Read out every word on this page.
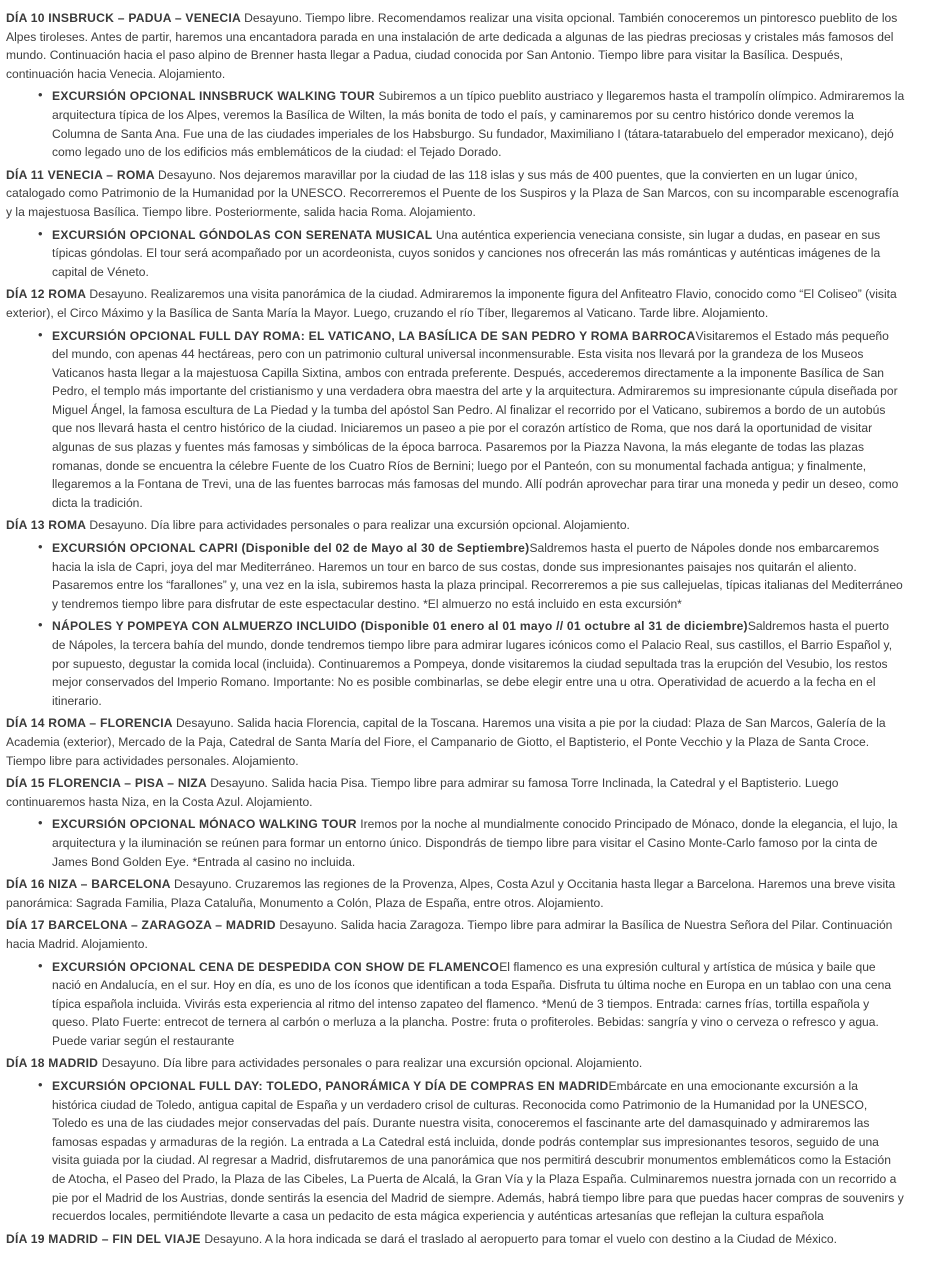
DÍA 10 INSBRUCK – PADUA – VENECIA Desayuno. Tiempo libre. Recomendamos realizar una visita opcional. También conoceremos un pintoresco pueblito de los Alpes tiroleses. Antes de partir, haremos una encantadora parada en una instalación de arte dedicada a algunas de las piedras preciosas y cristales más famosos del mundo. Continuación hacia el paso alpino de Brenner hasta llegar a Padua, ciudad conocida por San Antonio. Tiempo libre para visitar la Basílica. Después, continuación hacia Venecia. Alojamiento.

• EXCURSIÓN OPCIONAL INNSBRUCK WALKING TOUR Subiremos a un típico pueblito austriaco y llegaremos hasta el trampolín olímpico. Admiraremos la arquitectura típica de los Alpes, veremos la Basílica de Wilten, la más bonita de todo el país, y caminaremos por su centro histórico donde veremos la Columna de Santa Ana. Fue una de las ciudades imperiales de los Habsburgo. Su fundador, Maximiliano I (tátara-tatarabuelo del emperador mexicano), dejó como legado uno de los edificios más emblemáticos de la ciudad: el Tejado Dorado.

DÍA 11 VENECIA – ROMA Desayuno. Nos dejaremos maravillar por la ciudad de las 118 islas y sus más de 400 puentes, que la convierten en un lugar único, catalogado como Patrimonio de la Humanidad por la UNESCO. Recorreremos el Puente de los Suspiros y la Plaza de San Marcos, con su incomparable escenografía y la majestuosa Basílica. Tiempo libre. Posteriormente, salida hacia Roma. Alojamiento.

• EXCURSIÓN OPCIONAL GÓNDOLAS CON SERENATA MUSICAL Una auténtica experiencia veneciana consiste, sin lugar a dudas, en pasear en sus típicas góndolas. El tour será acompañado por un acordeonista, cuyos sonidos y canciones nos ofrecerán las más románticas y auténticas imágenes de la capital de Véneto.

DÍA 12 ROMA Desayuno. Realizaremos una visita panorámica de la ciudad. Admiraremos la imponente figura del Anfiteatro Flavio, conocido como “El Coliseo” (visita exterior), el Circo Máximo y la Basílica de Santa María la Mayor. Luego, cruzando el río Tíber, llegaremos al Vaticano. Tarde libre. Alojamiento.

• EXCURSIÓN OPCIONAL FULL DAY ROMA: EL VATICANO, LA BASÍLICA DE SAN PEDRO Y ROMA BARROCAVisitaremos el Estado más pequeño del mundo, con apenas 44 hectáreas, pero con un patrimonio cultural universal inconmensurable. Esta visita nos llevará por la grandeza de los Museos Vaticanos hasta llegar a la majestuosa Capilla Sixtina, ambos con entrada preferente. Después, accederemos directamente a la imponente Basílica de San Pedro, el templo más importante del cristianismo y una verdadera obra maestra del arte y la arquitectura. Admiraremos su impresionante cúpula diseñada por Miguel Ángel, la famosa escultura de La Piedad y la tumba del apóstol San Pedro. Al finalizar el recorrido por el Vaticano, subiremos a bordo de un autobús que nos llevará hasta el centro histórico de la ciudad. Iniciaremos un paseo a pie por el corazón artístico de Roma, que nos dará la oportunidad de visitar algunas de sus plazas y fuentes más famosas y simbólicas de la época barroca. Pasaremos por la Piazza Navona, la más elegante de todas las plazas romanas, donde se encuentra la célebre Fuente de los Cuatro Ríos de Bernini; luego por el Panteón, con su monumental fachada antigua; y finalmente, llegaremos a la Fontana de Trevi, una de las fuentes barrocas más famosas del mundo. Allí podrán aprovechar para tirar una moneda y pedir un deseo, como dicta la tradición.

DÍA 13 ROMA Desayuno. Día libre para actividades personales o para realizar una excursión opcional. Alojamiento.

• EXCURSIÓN OPCIONAL CAPRI (Disponible del 02 de Mayo al 30 de Septiembre)Saldremos hasta el puerto de Nápoles donde nos embarcaremos hacia la isla de Capri, joya del mar Mediterráneo. Haremos un tour en barco de sus costas, donde sus impresionantes paisajes nos quitarán el aliento. Pasaremos entre los “farallones” y, una vez en la isla, subiremos hasta la plaza principal. Recorreremos a pie sus callejuelas, típicas italianas del Mediterráneo y tendremos tiempo libre para disfrutar de este espectacular destino. *El almuerzo no está incluido en esta excursión*

• NÁPOLES Y POMPEYA CON ALMUERZO INCLUIDO (Disponible 01 enero al 01 mayo // 01 octubre al 31 de diciembre)Saldremos hasta el puerto de Nápoles, la tercera bahía del mundo, donde tendremos tiempo libre para admirar lugares icónicos como el Palacio Real, sus castillos, el Barrio Español y, por supuesto, degustar la comida local (incluida). Continuaremos a Pompeya, donde visitaremos la ciudad sepultada tras la erupción del Vesubio, los restos mejor conservados del Imperio Romano. Importante: No es posible combinarlas, se debe elegir entre una u otra. Operatividad de acuerdo a la fecha en el itinerario.

DÍA 14 ROMA – FLORENCIA Desayuno. Salida hacia Florencia, capital de la Toscana. Haremos una visita a pie por la ciudad: Plaza de San Marcos, Galería de la Academia (exterior), Mercado de la Paja, Catedral de Santa María del Fiore, el Campanario de Giotto, el Baptisterio, el Ponte Vecchio y la Plaza de Santa Croce. Tiempo libre para actividades personales. Alojamiento.

DÍA 15 FLORENCIA – PISA – NIZA Desayuno. Salida hacia Pisa. Tiempo libre para admirar su famosa Torre Inclinada, la Catedral y el Baptisterio. Luego continuaremos hasta Niza, en la Costa Azul. Alojamiento.

• EXCURSIÓN OPCIONAL MÓNACO WALKING TOUR Iremos por la noche al mundialmente conocido Principado de Mónaco, donde la elegancia, el lujo, la arquitectura y la iluminación se reúnen para formar un entorno único. Dispondrás de tiempo libre para visitar el Casino Monte-Carlo famoso por la cinta de James Bond Golden Eye. *Entrada al casino no incluida.

DÍA 16 NIZA – BARCELONA Desayuno. Cruzaremos las regiones de la Provenza, Alpes, Costa Azul y Occitania hasta llegar a Barcelona. Haremos una breve visita panorámica: Sagrada Familia, Plaza Cataluña, Monumento a Colón, Plaza de España, entre otros. Alojamiento.

DÍA 17 BARCELONA – ZARAGOZA – MADRID Desayuno. Salida hacia Zaragoza. Tiempo libre para admirar la Basílica de Nuestra Señora del Pilar. Continuación hacia Madrid. Alojamiento.

• EXCURSIÓN OPCIONAL CENA DE DESPEDIDA CON SHOW DE FLAMENCOEl flamenco es una expresión cultural y artística de música y baile que nació en Andalucía, en el sur. Hoy en día, es uno de los íconos que identifican a toda España. Disfruta tu última noche en Europa en un tablao con una cena típica española incluida. Vivirás esta experiencia al ritmo del intenso zapateo del flamenco. *Menú de 3 tiempos. Entrada: carnes frías, tortilla española y queso. Plato Fuerte: entrecot de ternera al carbón o merluza a la plancha. Postre: fruta o profiteroles. Bebidas: sangría y vino o cerveza o refresco y agua. Puede variar según el restaurante

DÍA 18 MADRID Desayuno. Día libre para actividades personales o para realizar una excursión opcional. Alojamiento.

• EXCURSIÓN OPCIONAL FULL DAY: TOLEDO, PANORÁMICA Y DÍA DE COMPRAS EN MADRIDEmbárcate en una emocionante excursión a la histórica ciudad de Toledo, antigua capital de España y un verdadero crisol de culturas. Reconocida como Patrimonio de la Humanidad por la UNESCO, Toledo es una de las ciudades mejor conservadas del país. Durante nuestra visita, conoceremos el fascinante arte del damasquinado y admiraremos las famosas espadas y armaduras de la región. La entrada a La Catedral está incluida, donde podrás contemplar sus impresionantes tesoros, seguido de una visita guiada por la ciudad. Al regresar a Madrid, disfrutaremos de una panorámica que nos permitirá descubrir monumentos emblemáticos como la Estación de Atocha, el Paseo del Prado, la Plaza de las Cibeles, La Puerta de Alcalá, la Gran Vía y la Plaza España. Culminaremos nuestra jornada con un recorrido a pie por el Madrid de los Austrias, donde sentirás la esencia del Madrid de siempre. Además, habrá tiempo libre para que puedas hacer compras de souvenirs y recuerdos locales, permitiéndote llevarte a casa un pedacito de esta mágica experiencia y auténticas artesanías que reflejan la cultura española

DÍA 19 MADRID – FIN DEL VIAJE Desayuno. A la hora indicada se dará el traslado al aeropuerto para tomar el vuelo con destino a la Ciudad de México.
